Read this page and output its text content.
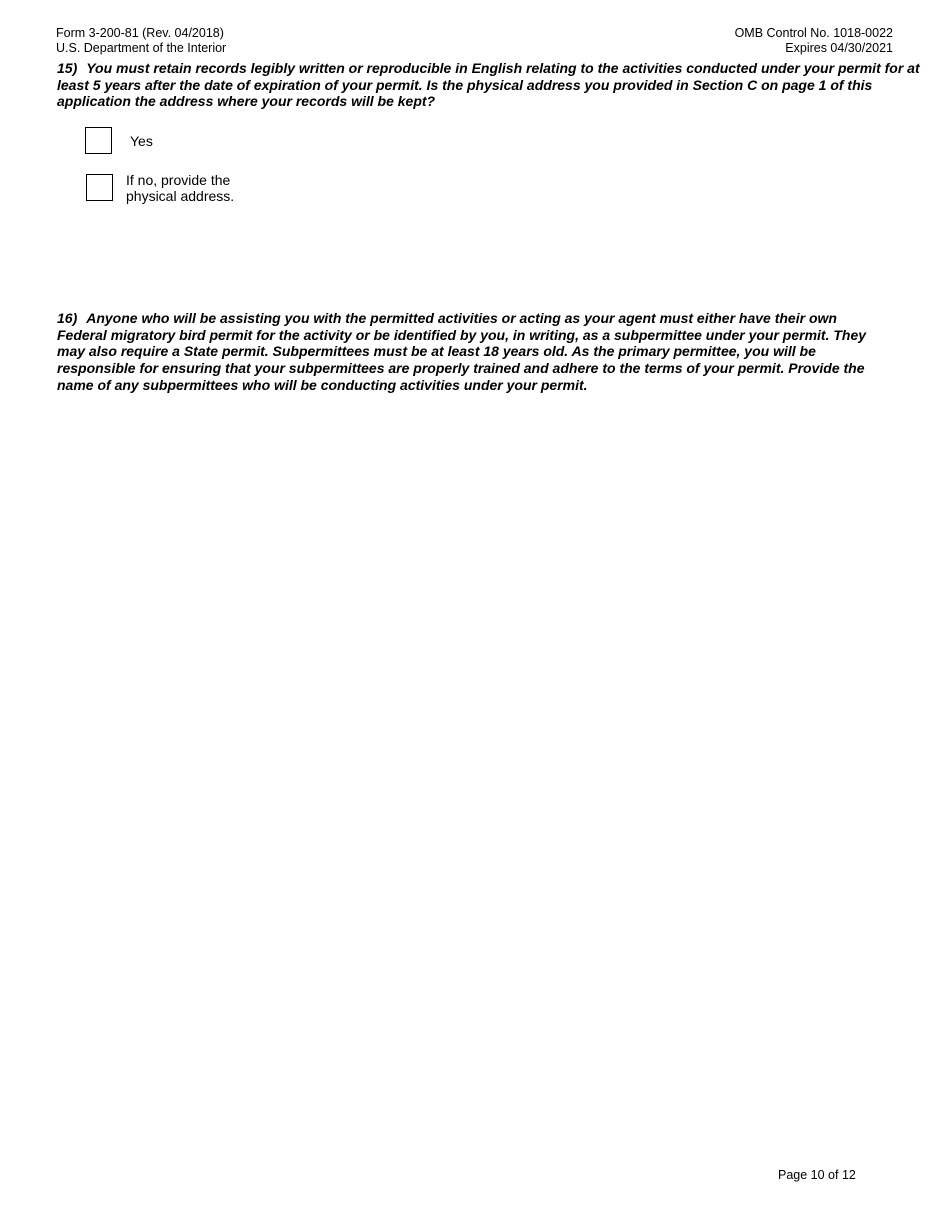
Form 3-200-81 (Rev. 04/2018)
U.S. Department of the Interior
OMB Control No. 1018-0022
Expires 04/30/2021
15) You must retain records legibly written or reproducible in English relating to the activities conducted under your permit for at least 5 years after the date of expiration of your permit. Is the physical address you provided in Section C on page 1 of this application the address where your records will be kept?
Yes
If no, provide the physical address.
16) Anyone who will be assisting you with the permitted activities or acting as your agent must either have their own Federal migratory bird permit for the activity or be identified by you, in writing, as a subpermittee under your permit. They may also require a State permit. Subpermittees must be at least 18 years old. As the primary permittee, you will be responsible for ensuring that your subpermittees are properly trained and adhere to the terms of your permit. Provide the name of any subpermittees who will be conducting activities under your permit.
Page 10 of 12
